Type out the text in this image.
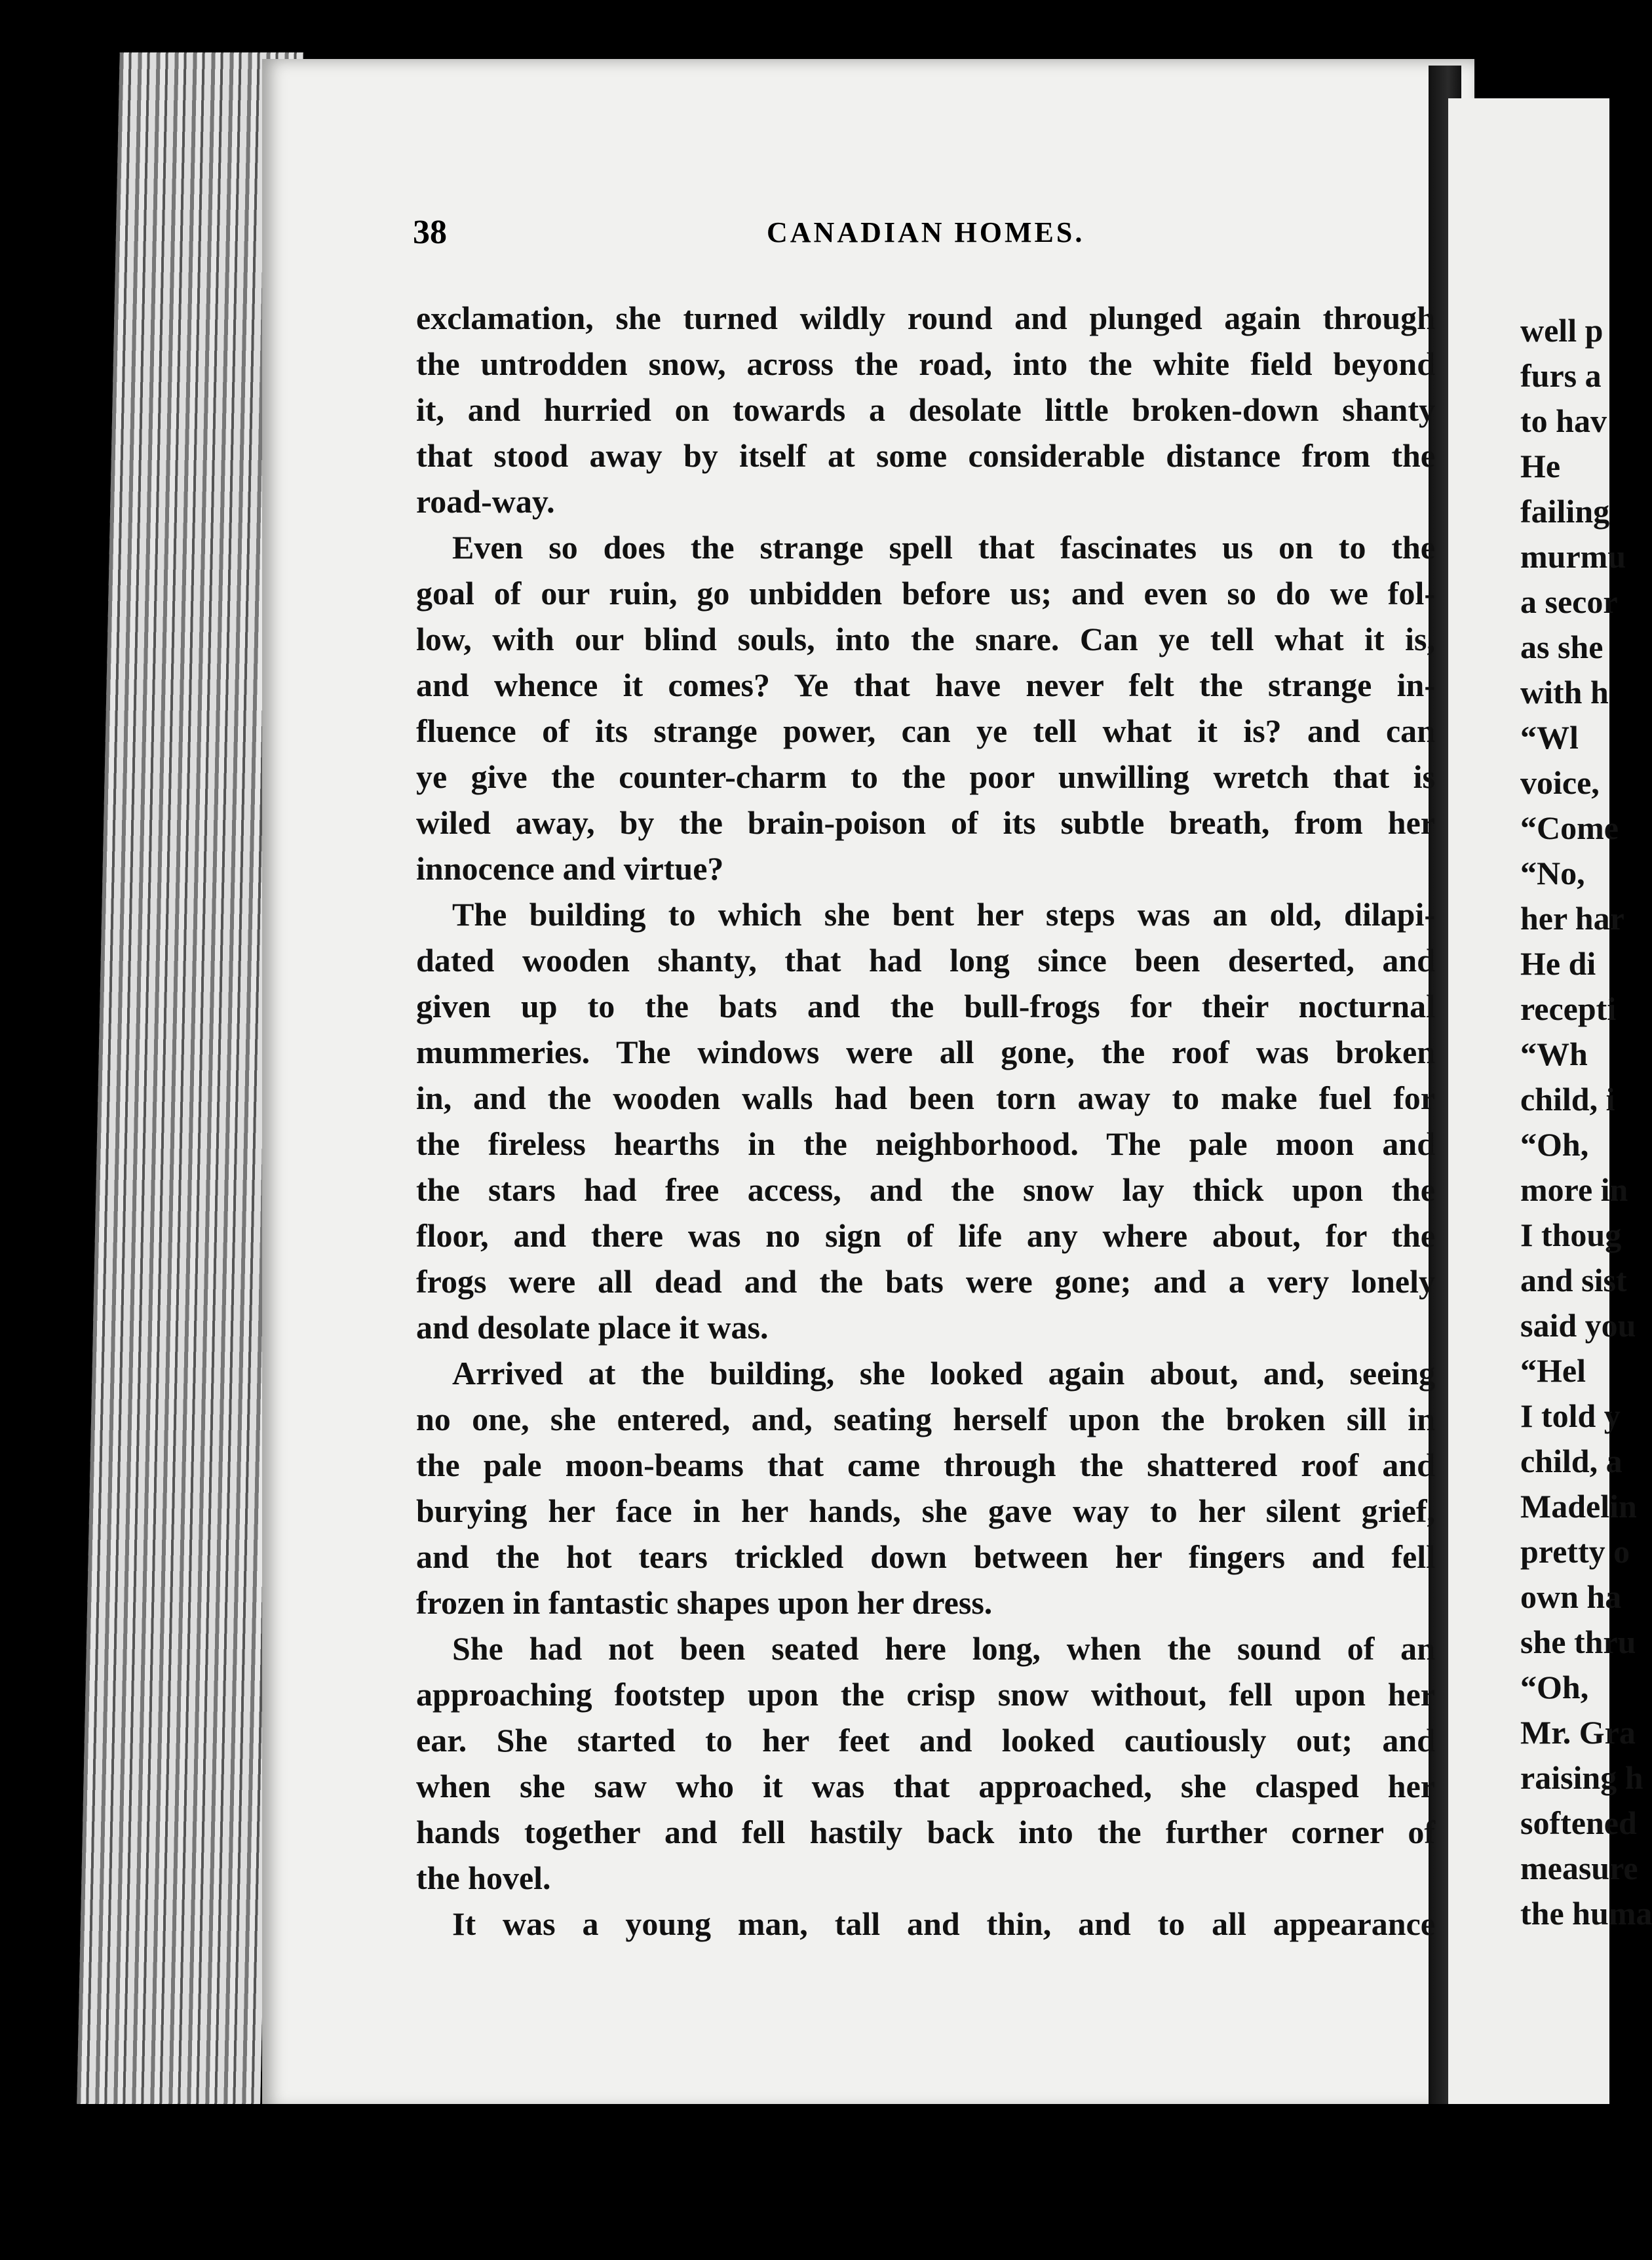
38	CANADIAN HOMES.
exclamation, she turned wildly round and plunged again through
the untrodden snow, across the road, into the white field beyond
it, and hurried on towards a desolate little broken-down shanty
that stood away by itself at some considerable distance from the
road-way.
Even so does the strange spell that fascinates us on to the
goal of our ruin, go unbidden before us; and even so do we fol-
low, with our blind souls, into the snare. Can ye tell what it is,
and whence it comes? Ye that have never felt the strange in-
fluence of its strange power, can ye tell what it is? and can
ye give the counter-charm to the poor unwilling wretch that is
wiled away, by the brain-poison of its subtle breath, from her
innocence and virtue?
The building to which she bent her steps was an old, dilapi-
dated wooden shanty, that had long since been deserted, and
given up to the bats and the bull-frogs for their nocturnal
mummeries. The windows were all gone, the roof was broken
in, and the wooden walls had been torn away to make fuel for
the fireless hearths in the neighborhood. The pale moon and
the stars had free access, and the snow lay thick upon the
floor, and there was no sign of life any where about, for the
frogs were all dead and the bats were gone; and a very lonely
and desolate place it was.
Arrived at the building, she looked again about, and, seeing
no one, she entered, and, seating herself upon the broken sill in
the pale moon-beams that came through the shattered roof and
burying her face in her hands, she gave way to her silent grief,
and the hot tears trickled down between her fingers and fell
frozen in fantastic shapes upon her dress.
She had not been seated here long, when the sound of an
approaching footstep upon the crisp snow without, fell upon her
ear. She started to her feet and looked cautiously out; and
when she saw who it was that approached, she clasped her
hands together and fell hastily back into the further corner of
the hovel.
It was a young man, tall and thin, and to all appearance
well p
furs a
to hav
He
failing
murmu
a secor
as she
with h
“Wl
voice,
“Come
“No,
her har
He di
recepti
“Wh
child, i
“Oh,
more in
I thoug
and sist
said you
“Hel
I told y
child, a
Madelin
pretty o
own ha
she thru
“Oh,
Mr. Gra
raising h
softened
measure
the huma
